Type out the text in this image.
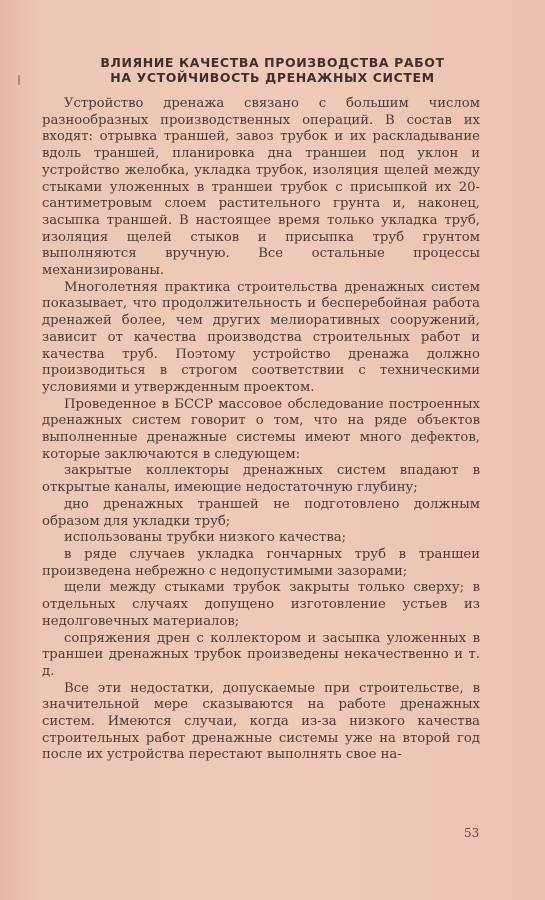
ВЛИЯНИЕ КАЧЕСТВА ПРОИЗВОДСТВА РАБОТ
НА УСТОЙЧИВОСТЬ ДРЕНАЖНЫХ СИСТЕМ

Устройство дренажа связано с большим числом разнообразных производственных операций. В состав их входят: отрывка траншей, завоз трубок и их раскладывание вдоль траншей, планировка дна траншеи под уклон и устройство желобка, укладка трубок, изоляция щелей между стыками уложенных в траншеи трубок с присыпкой их 20-сантиметровым слоем растительного грунта и, наконец, засыпка траншей. В настоящее время только укладка труб, изоляция щелей стыков и присыпка труб грунтом выполняются вручную. Все остальные процессы механизированы.

Многолетняя практика строительства дренажных систем показывает, что продолжительность и бесперебойная работа дренажей более, чем других мелиоративных сооружений, зависит от качества производства строительных работ и качества труб. Поэтому устройство дренажа должно производиться в строгом соответствии с техническими условиями и утвержденным проектом.

Проведенное в БССР массовое обследование построенных дренажных систем говорит о том, что на ряде объектов выполненные дренажные системы имеют много дефектов, которые заключаются в следующем:

закрытые коллекторы дренажных систем впадают в открытые каналы, имеющие недостаточную глубину;

дно дренажных траншей не подготовлено должным образом для укладки труб;

использованы трубки низкого качества;

в ряде случаев укладка гончарных труб в траншеи произведена небрежно с недопустимыми зазорами;

щели между стыками трубок закрыты только сверху; в отдельных случаях допущено изготовление устьев из недолговечных материалов;

сопряжения дрен с коллектором и засыпка уложенных в траншеи дренажных трубок произведены некачественно и т. д.

Все эти недостатки, допускаемые при строительстве, в значительной мере сказываются на работе дренажных систем. Имеются случаи, когда из-за низкого качества строительных работ дренажные системы уже на второй год после их устройства перестают выполнять свое на-

53
